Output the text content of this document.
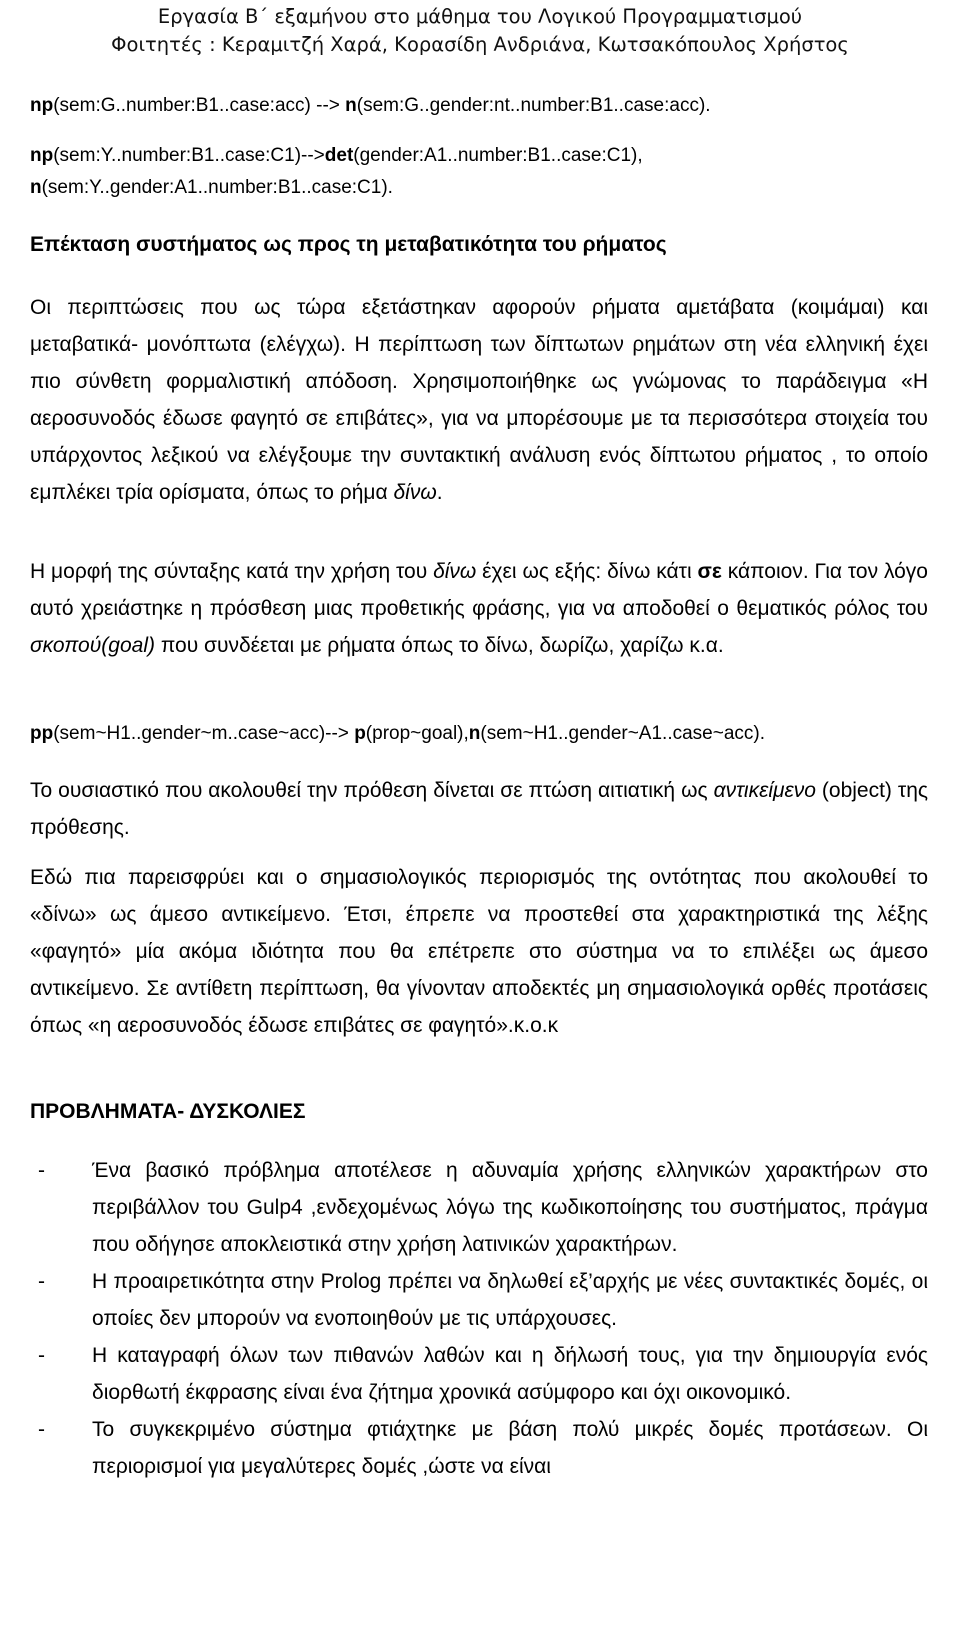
Εργασία Β΄ εξαμήνου στο μάθημα του Λογικού Προγραμματισμού
Φοιτητές : Κεραμιτζή Χαρά, Κορασίδη Ανδριάνα, Κωτσακόπουλος Χρήστος
np(sem:G..number:B1..case:acc) --> n(sem:G..gender:nt..number:B1..case:acc).
np(sem:Y..number:B1..case:C1)-->det(gender:A1..number:B1..case:C1),
n(sem:Y..gender:A1..number:B1..case:C1).
Επέκταση συστήματος ως προς τη μεταβατικότητα του ρήματος
Οι περιπτώσεις που ως τώρα εξετάστηκαν αφορούν ρήματα αμετάβατα (κοιμάμαι) και μεταβατικά- μονόπτωτα (ελέγχω). Η περίπτωση των δίπτωτων ρημάτων στη νέα ελληνική έχει πιο σύνθετη φορμαλιστική απόδοση. Χρησιμοποιήθηκε ως γνώμονας το παράδειγμα «Η αεροσυνοδός έδωσε φαγητό σε επιβάτες», για να μπορέσουμε με τα περισσότερα στοιχεία του υπάρχοντος λεξικού να ελέγξουμε την συντακτική ανάλυση ενός δίπτωτου ρήματος , το οποίο εμπλέκει τρία ορίσματα, όπως το ρήμα δίνω.
Η μορφή της σύνταξης κατά την χρήση του δίνω έχει ως εξής: δίνω κάτι σε κάποιον. Για τον λόγο αυτό χρειάστηκε η πρόσθεση μιας προθετικής φράσης, για να αποδοθεί ο θεματικός ρόλος του σκοπού(goal) που συνδέεται με ρήματα όπως το δίνω, δωρίζω, χαρίζω κ.α.
pp(sem~H1..gender~m..case~acc)--> p(prop~goal),n(sem~H1..gender~A1..case~acc).
Το ουσιαστικό που ακολουθεί την πρόθεση δίνεται σε πτώση αιτιατική ως αντικείμενο (object) της πρόθεσης.
Εδώ πια παρεισφρύει και ο σημασιολογικός περιορισμός της οντότητας που ακολουθεί το «δίνω» ως άμεσο αντικείμενο. Έτσι, έπρεπε να προστεθεί στα χαρακτηριστικά της λέξης «φαγητό» μία ακόμα ιδιότητα που θα επέτρεπε στο σύστημα να το επιλέξει ως άμεσο αντικείμενο. Σε αντίθετη περίπτωση, θα γίνονταν αποδεκτές μη σημασιολογικά ορθές προτάσεις όπως «η αεροσυνοδός έδωσε επιβάτες σε φαγητό».κ.ο.κ
ΠΡΟΒΛΗΜΑΤΑ- ΔΥΣΚΟΛΙΕΣ
- Ένα βασικό πρόβλημα αποτέλεσε η αδυναμία χρήσης ελληνικών χαρακτήρων στο περιβάλλον του Gulp4 ,ενδεχομένως λόγω της κωδικοποίησης του συστήματος, πράγμα που οδήγησε αποκλειστικά στην χρήση λατινικών χαρακτήρων.
- Η προαιρετικότητα στην Prolog πρέπει να δηλωθεί εξ’αρχής με νέες συντακτικές δομές, οι οποίες δεν μπορούν να ενοποιηθούν με τις υπάρχουσες.
- Η καταγραφή όλων των πιθανών λαθών και η δήλωσή τους, για την δημιουργία ενός διορθωτή έκφρασης είναι ένα ζήτημα χρονικά ασύμφορο και όχι οικονομικό.
- Το συγκεκριμένο σύστημα φτιάχτηκε με βάση πολύ μικρές δομές προτάσεων. Οι περιορισμοί για μεγαλύτερες δομές ,ώστε να είναι
